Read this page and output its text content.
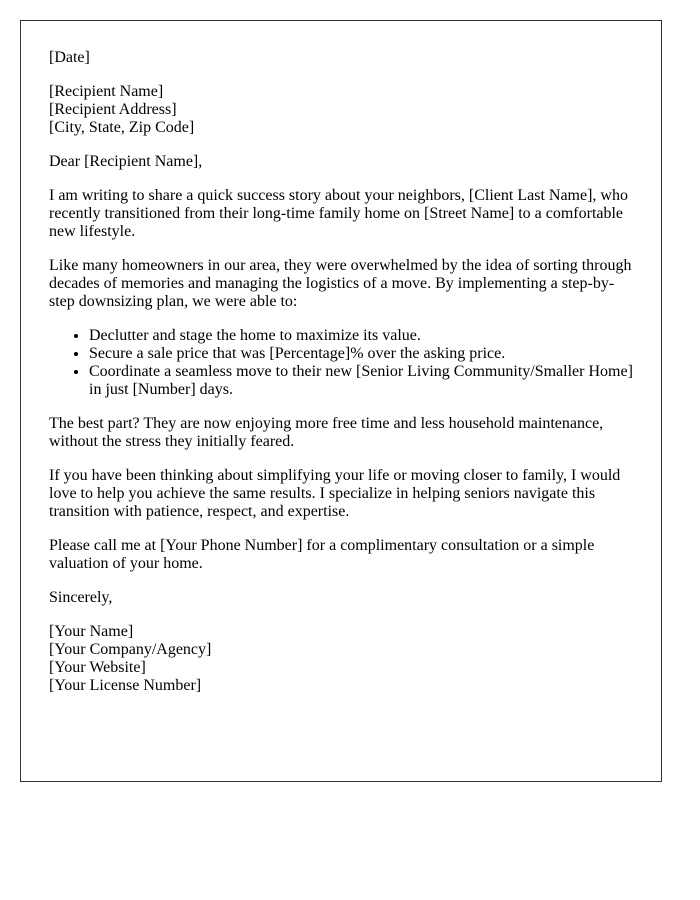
[Date]

[Recipient Name]
[Recipient Address]
[City, State, Zip Code]

Dear [Recipient Name],

I am writing to share a quick success story about your neighbors, [Client Last Name], who recently transitioned from their long-time family home on [Street Name] to a comfortable new lifestyle.

Like many homeowners in our area, they were overwhelmed by the idea of sorting through decades of memories and managing the logistics of a move. By implementing a step-by-step downsizing plan, we were able to:

• Declutter and stage the home to maximize its value.
• Secure a sale price that was [Percentage]% over the asking price.
• Coordinate a seamless move to their new [Senior Living Community/Smaller Home] in just [Number] days.

The best part? They are now enjoying more free time and less household maintenance, without the stress they initially feared.

If you have been thinking about simplifying your life or moving closer to family, I would love to help you achieve the same results. I specialize in helping seniors navigate this transition with patience, respect, and expertise.

Please call me at [Your Phone Number] for a complimentary consultation or a simple valuation of your home.

Sincerely,

[Your Name]
[Your Company/Agency]
[Your Website]
[Your License Number]
